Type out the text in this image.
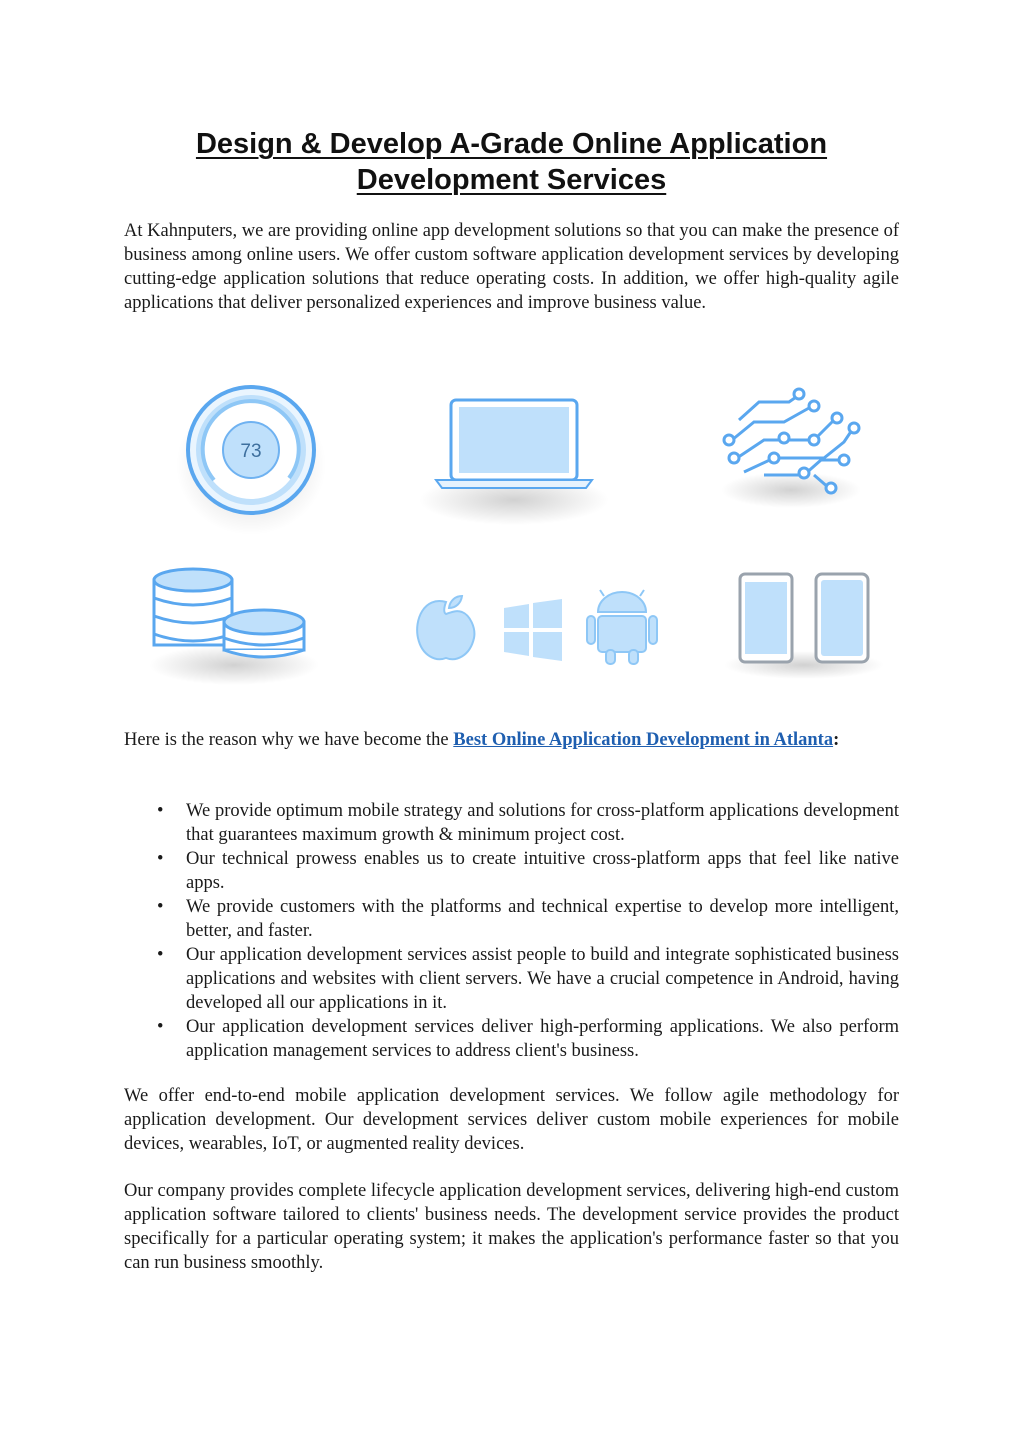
Design & Develop A-Grade Online Application Development Services

At Kahnputers, we are providing online app development solutions so that you can make the presence of business among online users. We offer custom software application development services by developing cutting-edge application solutions that reduce operating costs. In addition, we offer high-quality agile applications that deliver personalized experiences and improve business value.

73

Here is the reason why we have become the Best Online Application Development in Atlanta:

• We provide optimum mobile strategy and solutions for cross-platform applications development that guarantees maximum growth & minimum project cost.
• Our technical prowess enables us to create intuitive cross-platform apps that feel like native apps.
• We provide customers with the platforms and technical expertise to develop more intelligent, better, and faster.
• Our application development services assist people to build and integrate sophisticated business applications and websites with client servers. We have a crucial competence in Android, having developed all our applications in it.
• Our application development services deliver high-performing applications. We also perform application management services to address client's business.

We offer end-to-end mobile application development services. We follow agile methodology for application development. Our development services deliver custom mobile experiences for mobile devices, wearables, IoT, or augmented reality devices.

Our company provides complete lifecycle application development services, delivering high-end custom application software tailored to clients' business needs. The development service provides the product specifically for a particular operating system; it makes the application's performance faster so that you can run business smoothly.
